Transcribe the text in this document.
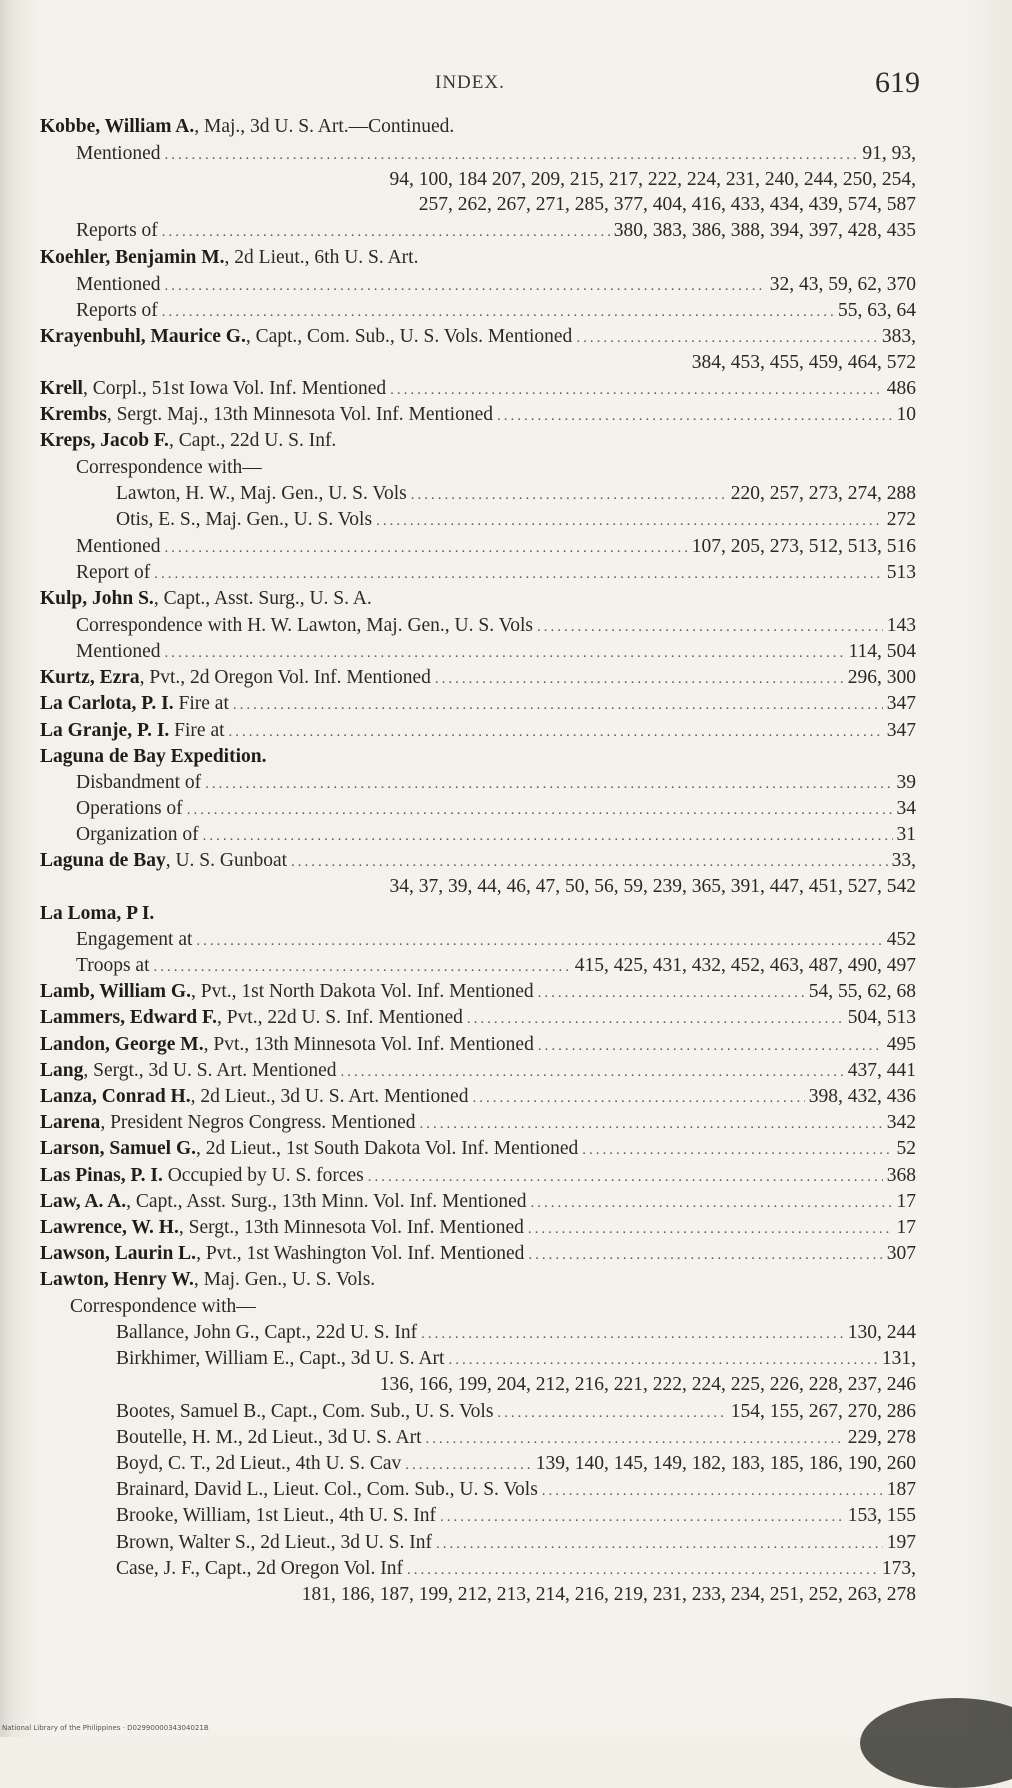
INDEX.	619
Kobbe, William A., Maj., 3d U. S. Art.—Continued.
Mentioned .....	91, 93,
94, 100, 184 207, 209, 215, 217, 222, 224, 231, 240, 244, 250, 254,
257, 262, 267, 271, 285, 377, 404, 416, 433, 434, 439, 574, 587
Reports of .....	380, 383, 386, 388, 394, 397, 428, 435
Koehler, Benjamin M., 2d Lieut., 6th U. S. Art.
Mentioned .....	32, 43, 59, 62, 370
Reports of .....	55, 63, 64
Krayenbuhl, Maurice G., Capt., Com. Sub., U. S. Vols. Mentioned .....	383,
384, 453, 455, 459, 464, 572
Krell, Corpl., 51st Iowa Vol. Inf. Mentioned .....	486
Krembs, Sergt. Maj., 13th Minnesota Vol. Inf. Mentioned .....	10
Kreps, Jacob F., Capt., 22d U. S. Inf.
Correspondence with—
Lawton, H. W., Maj. Gen., U. S. Vols .....	220, 257, 273, 274, 288
Otis, E. S., Maj. Gen., U. S. Vols .....	272
Mentioned .....	107, 205, 273, 512, 513, 516
Report of .....	513
Kulp, John S., Capt., Asst. Surg., U. S. A.
Correspondence with H. W. Lawton, Maj. Gen., U. S. Vols .....	143
Mentioned .....	114, 504
Kurtz, Ezra, Pvt., 2d Oregon Vol. Inf. Mentioned .....	296, 300
La Carlota, P. I. Fire at .....	347
La Granje, P. I. Fire at .....	347
Laguna de Bay Expedition.
Disbandment of .....	39
Operations of .....	34
Organization of .....	31
Laguna de Bay, U. S. Gunboat .....	33,
34, 37, 39, 44, 46, 47, 50, 56, 59, 239, 365, 391, 447, 451, 527, 542
La Loma, P I.
Engagement at .....	452
Troops at .....	415, 425, 431, 432, 452, 463, 487, 490, 497
Lamb, William G., Pvt., 1st North Dakota Vol. Inf. Mentioned .....	54, 55, 62, 68
Lammers, Edward F., Pvt., 22d U. S. Inf. Mentioned .....	504, 513
Landon, George M., Pvt., 13th Minnesota Vol. Inf. Mentioned .....	495
Lang, Sergt., 3d U. S. Art. Mentioned .....	437, 441
Lanza, Conrad H., 2d Lieut., 3d U. S. Art. Mentioned .....	398, 432, 436
Larena, President Negros Congress. Mentioned .....	342
Larson, Samuel G., 2d Lieut., 1st South Dakota Vol. Inf. Mentioned .....	52
Las Pinas, P. I. Occupied by U. S. forces .....	368
Law, A. A., Capt., Asst. Surg., 13th Minn. Vol. Inf. Mentioned .....	17
Lawrence, W. H., Sergt., 13th Minnesota Vol. Inf. Mentioned .....	17
Lawson, Laurin L., Pvt., 1st Washington Vol. Inf. Mentioned .....	307
Lawton, Henry W., Maj. Gen., U. S. Vols.
Correspondence with—
Ballance, John G., Capt., 22d U. S. Inf .....	130, 244
Birkhimer, William E., Capt., 3d U. S. Art .....	131,
136, 166, 199, 204, 212, 216, 221, 222, 224, 225, 226, 228, 237, 246
Bootes, Samuel B., Capt., Com. Sub., U. S. Vols .....	154, 155, 267, 270, 286
Boutelle, H. M., 2d Lieut., 3d U. S. Art .....	229, 278
Boyd, C. T., 2d Lieut., 4th U. S. Cav .....	139, 140, 145, 149, 182, 183, 185, 186, 190, 260
Brainard, David L., Lieut. Col., Com. Sub., U. S. Vols .....	187
Brooke, William, 1st Lieut., 4th U. S. Inf .....	153, 155
Brown, Walter S., 2d Lieut., 3d U. S. Inf .....	197
Case, J. F., Capt., 2d Oregon Vol. Inf .....	173,
181, 186, 187, 199, 212, 213, 214, 216, 219, 231, 233, 234, 251, 252, 263, 278
National Library of the Philippines · D0299000034304021B
